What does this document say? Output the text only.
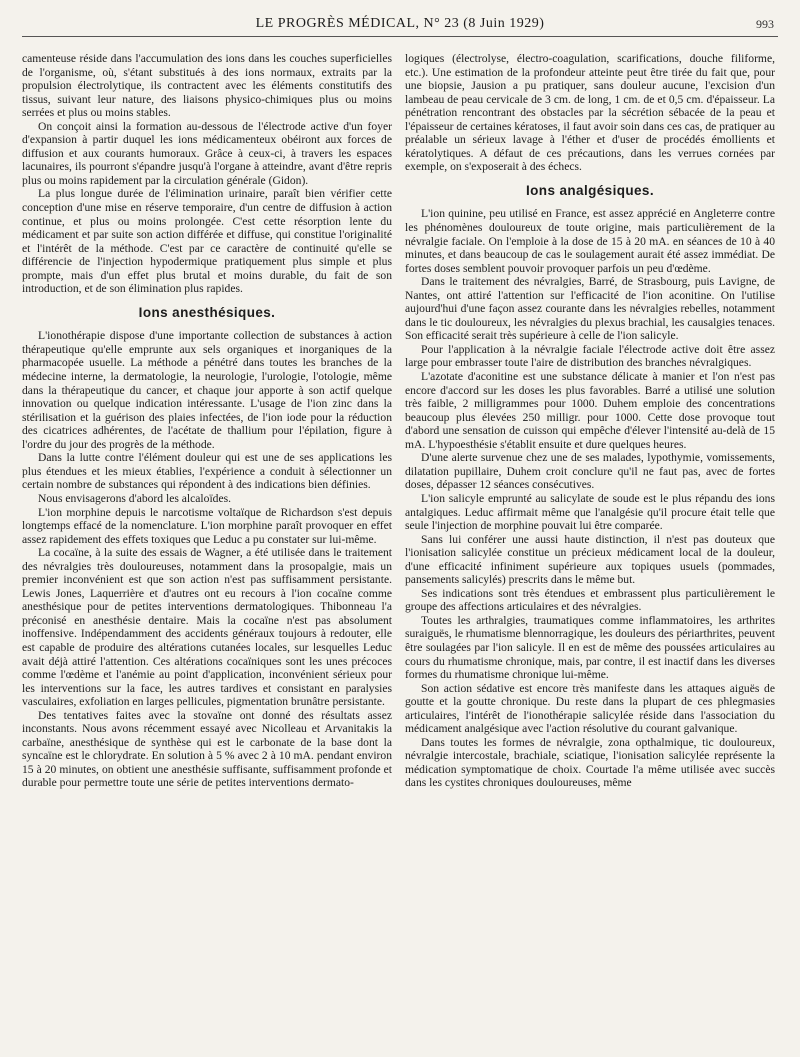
LE PROGRÈS MÉDICAL, N° 23 (8 Juin 1929)	993

camenteuse réside dans l'accumulation des ions dans les couches superficielles de l'organisme, où, s'étant substitués à des ions normaux, extraits par la propulsion électrolytique, ils contractent avec les éléments constitutifs des tissus, suivant leur nature, des liaisons physico-chimiques plus ou moins serrées et plus ou moins stables.

On conçoit ainsi la formation au-dessous de l'électrode active d'un foyer d'expansion à partir duquel les ions médicamenteux obéiront aux forces de diffusion et aux courants humoraux. Grâce à ceux-ci, à travers les espaces lacunaires, ils pourront s'épandre jusqu'à l'organe à atteindre, avant d'être repris plus ou moins rapidement par la circulation générale (Gidon).

La plus longue durée de l'élimination urinaire, paraît bien vérifier cette conception d'une mise en réserve temporaire, d'un centre de diffusion à action continue, et plus ou moins prolongée. C'est cette résorption lente du médicament et par suite son action différée et diffuse, qui constitue l'originalité et l'intérêt de la méthode. C'est par ce caractère de continuité qu'elle se différencie de l'injection hypodermique pratiquement plus simple et plus prompte, mais d'un effet plus brutal et moins durable, du fait de son introduction, et de son élimination plus rapides.

Ions anesthésiques.

L'ionothérapie dispose d'une importante collection de substances à action thérapeutique qu'elle emprunte aux sels organiques et inorganiques de la pharmacopée usuelle. La méthode a pénétré dans toutes les branches de la médecine interne, la dermatologie, la neurologie, l'urologie, l'otologie, même dans la thérapeutique du cancer, et chaque jour apporte à son actif quelque innovation ou quelque indication intéressante. L'usage de l'ion zinc dans la stérilisation et la guérison des plaies infectées, de l'ion iode pour la réduction des cicatrices adhérentes, de l'acétate de thallium pour l'épilation, figure à l'ordre du jour des progrès de la méthode.

Dans la lutte contre l'élément douleur qui est une de ses applications les plus étendues et les mieux établies, l'expérience a conduit à sélectionner un certain nombre de substances qui répondent à des indications bien définies.

Nous envisagerons d'abord les alcaloïdes.

L'ion morphine depuis le narcotisme voltaïque de Richardson s'est depuis longtemps effacé de la nomenclature. L'ion morphine paraît provoquer en effet assez rapidement des effets toxiques que Leduc a pu constater sur lui-même.

La cocaïne, à la suite des essais de Wagner, a été utilisée dans le traitement des névralgies très douloureuses, notamment dans la prosopalgie, mais un premier inconvénient est que son action n'est pas suffisamment persistante. Lewis Jones, Laquerrière et d'autres ont eu recours à l'ion cocaïne comme anesthésique pour de petites interventions dermatologiques. Thibonneau l'a préconisé en anesthésie dentaire. Mais la cocaïne n'est pas absolument inoffensive. Indépendamment des accidents généraux toujours à redouter, elle est capable de produire des altérations cutanées locales, sur lesquelles Leduc avait déjà attiré l'attention. Ces altérations cocaïniques sont les unes précoces comme l'œdème et l'anémie au point d'application, inconvénient sérieux pour les interventions sur la face, les autres tardives et consistant en paralysies vasculaires, exfoliation en larges pellicules, pigmentation brunâtre persistante.

Des tentatives faites avec la stovaïne ont donné des résultats assez inconstants. Nous avons récemment essayé avec Nicolleau et Arvanitakis la carbaïne, anesthésique de synthèse qui est le carbonate de la base dont la syncaïne est le chlorydrate. En solution à 5 % avec 2 à 10 mA. pendant environ 15 à 20 minutes, on obtient une anesthésie suffisante, suffisamment profonde et durable pour permettre toute une série de petites interventions dermato-

logiques (électrolyse, électro-coagulation, scarifications, douche filiforme, etc.). Une estimation de la profondeur atteinte peut être tirée du fait que, pour une biopsie, Jausion a pu pratiquer, sans douleur aucune, l'excision d'un lambeau de peau cervicale de 3 cm. de long, 1 cm. de et 0,5 cm. d'épaisseur. La pénétration rencontrant des obstacles par la sécrétion sébacée de la peau et l'épaisseur de certaines kératoses, il faut avoir soin dans ces cas, de pratiquer au préalable un sérieux lavage à l'éther et d'user de procédés émollients et kératolytiques. A défaut de ces précautions, dans les verrues cornées par exemple, on s'exposerait à des échecs.

Ions analgésiques.

L'ion quinine, peu utilisé en France, est assez apprécié en Angleterre contre les phénomènes douloureux de toute origine, mais particulièrement de la névralgie faciale. On l'emploie à la dose de 15 à 20 mA. en séances de 10 à 40 minutes, et dans beaucoup de cas le soulagement aurait été assez immédiat. De fortes doses semblent pouvoir provoquer parfois un peu d'œdème.

Dans le traitement des névralgies, Barré, de Strasbourg, puis Lavigne, de Nantes, ont attiré l'attention sur l'efficacité de l'ion aconitine. On l'utilise aujourd'hui d'une façon assez courante dans les névralgies rebelles, notamment dans le tic douloureux, les névralgies du plexus brachial, les causalgies tenaces. Son efficacité serait très supérieure à celle de l'ion salicyle.

Pour l'application à la névralgie faciale l'électrode active doit être assez large pour embrasser toute l'aire de distribution des branches névralgiques.

L'azotate d'aconitine est une substance délicate à manier et l'on n'est pas encore d'accord sur les doses les plus favorables. Barré a utilisé une solution très faible, 2 milligrammes pour 1000. Duhem emploie des concentrations beaucoup plus élevées 250 milligr. pour 1000. Cette dose provoque tout d'abord une sensation de cuisson qui empêche d'élever l'intensité au-delà de 15 mA. L'hypoesthésie s'établit ensuite et dure quelques heures.

D'une alerte survenue chez une de ses malades, lypothymie, vomissements, dilatation pupillaire, Duhem croit conclure qu'il ne faut pas, avec de fortes doses, dépasser 12 séances consécutives.

L'ion salicyle emprunté au salicylate de soude est le plus répandu des ions antalgiques. Leduc affirmait même que l'analgésie qu'il procure était telle que seule l'injection de morphine pouvait lui être comparée.

Sans lui conférer une aussi haute distinction, il n'est pas douteux que l'ionisation salicylée constitue un précieux médicament local de la douleur, d'une efficacité infiniment supérieure aux topiques usuels (pommades, pansements salicylés) prescrits dans le même but.

Ses indications sont très étendues et embrassent plus particulièrement le groupe des affections articulaires et des névralgies.

Toutes les arthralgies, traumatiques comme inflammatoires, les arthrites suraiguës, le rhumatisme blennorragique, les douleurs des périarthrites, peuvent être soulagées par l'ion salicyle. Il en est de même des poussées articulaires au cours du rhumatisme chronique, mais, par contre, il est inactif dans les diverses formes du rhumatisme chronique lui-même.

Son action sédative est encore très manifeste dans les attaques aiguës de goutte et la goutte chronique. Du reste dans la plupart de ces phlegmasies articulaires, l'intérêt de l'ionothérapie salicylée réside dans l'association du médicament analgésique avec l'action résolutive du courant galvanique.

Dans toutes les formes de névralgie, zona opthalmique, tic douloureux, névralgie intercostale, brachiale, sciatique, l'ionisation salicylée représente la médication symptomatique de choix. Courtade l'a même utilisée avec succès dans les cystites chroniques douloureuses, même
